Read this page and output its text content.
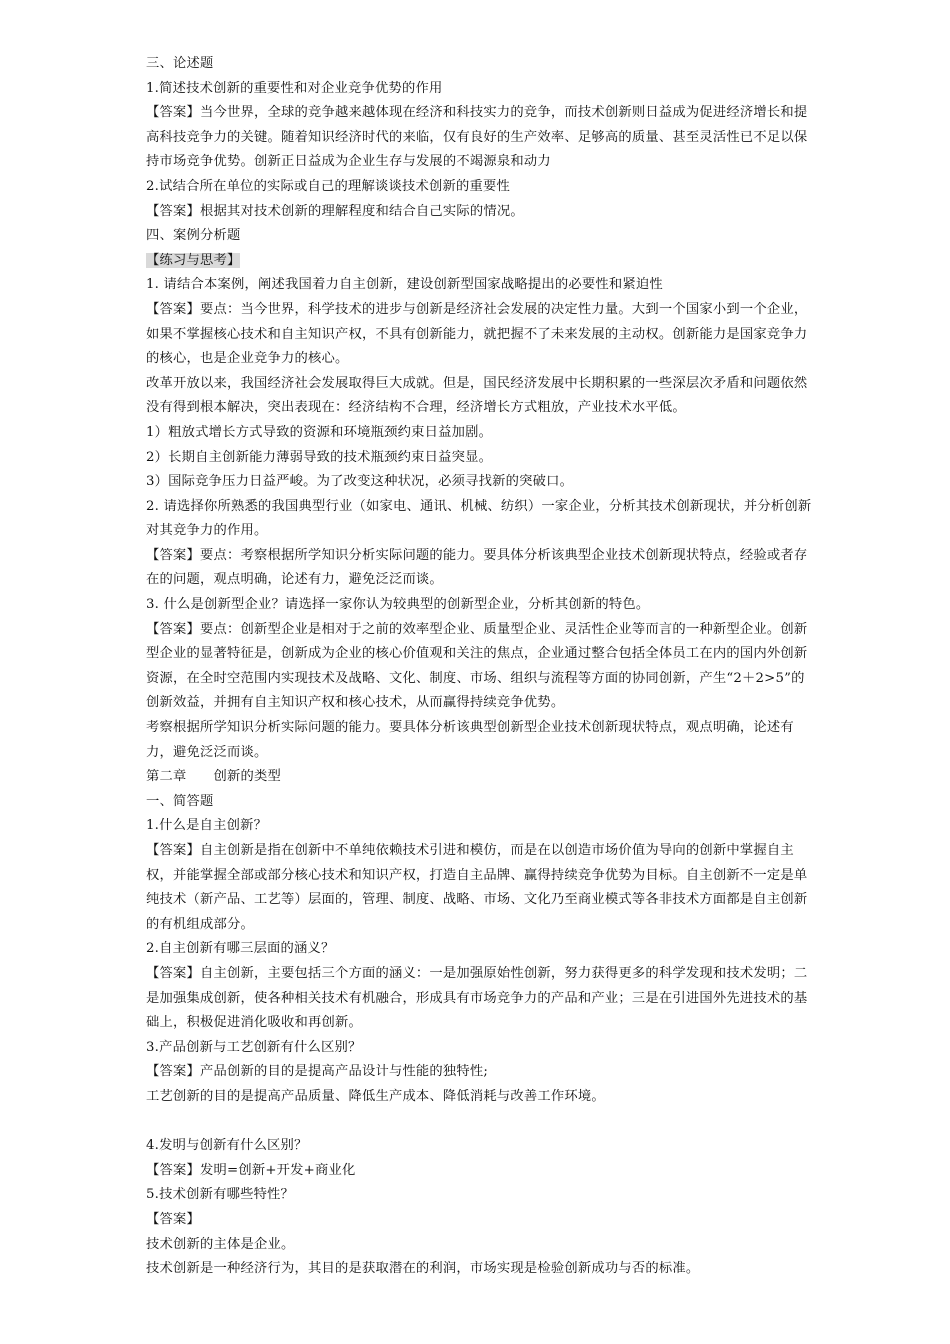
三、论述题

1.简述技术创新的重要性和对企业竞争优势的作用

【答案】当今世界，全球的竞争越来越体现在经济和科技实力的竞争，而技术创新则日益成为促进经济增长和提高科技竞争力的关键。随着知识经济时代的来临，仅有良好的生产效率、足够高的质量、甚至灵活性已不足以保持市场竞争优势。创新正日益成为企业生存与发展的不竭源泉和动力

2.试结合所在单位的实际或自己的理解谈谈技术创新的重要性

【答案】根据其对技术创新的理解程度和结合自己实际的情况。

四、案例分析题

【练习与思考】

1. 请结合本案例，阐述我国着力自主创新，建设创新型国家战略提出的必要性和紧迫性

【答案】要点：当今世界，科学技术的进步与创新是经济社会发展的决定性力量。大到一个国家小到一个企业，如果不掌握核心技术和自主知识产权，不具有创新能力，就把握不了未来发展的主动权。创新能力是国家竞争力的核心，也是企业竞争力的核心。

改革开放以来，我国经济社会发展取得巨大成就。但是，国民经济发展中长期积累的一些深层次矛盾和问题依然没有得到根本解决，突出表现在：经济结构不合理，经济增长方式粗放，产业技术水平低。

1）粗放式增长方式导致的资源和环境瓶颈约束日益加剧。

2）长期自主创新能力薄弱导致的技术瓶颈约束日益突显。

3）国际竞争压力日益严峻。为了改变这种状况，必须寻找新的突破口。

2. 请选择你所熟悉的我国典型行业（如家电、通讯、机械、纺织）一家企业，分析其技术创新现状，并分析创新对其竞争力的作用。

【答案】要点：考察根据所学知识分析实际问题的能力。要具体分析该典型企业技术创新现状特点，经验或者存在的问题，观点明确，论述有力，避免泛泛而谈。

3. 什么是创新型企业？请选择一家你认为较典型的创新型企业，分析其创新的特色。

【答案】要点：创新型企业是相对于之前的效率型企业、质量型企业、灵活性企业等而言的一种新型企业。创新型企业的显著特征是，创新成为企业的核心价值观和关注的焦点，企业通过整合包括全体员工在内的国内外创新资源，在全时空范围内实现技术及战略、文化、制度、市场、组织与流程等方面的协同创新，产生“2＋2>5”的创新效益，并拥有自主知识产权和核心技术，从而赢得持续竞争优势。

考察根据所学知识分析实际问题的能力。要具体分析该典型创新型企业技术创新现状特点，观点明确，论述有力，避免泛泛而谈。

第二章　　创新的类型

一、简答题

1.什么是自主创新？

【答案】自主创新是指在创新中不单纯依赖技术引进和模仿，而是在以创造市场价值为导向的创新中掌握自主权，并能掌握全部或部分核心技术和知识产权，打造自主品牌、赢得持续竞争优势为目标。自主创新不一定是单纯技术（新产品、工艺等）层面的，管理、制度、战略、市场、文化乃至商业模式等各非技术方面都是自主创新的有机组成部分。

2.自主创新有哪三层面的涵义？

【答案】自主创新，主要包括三个方面的涵义：一是加强原始性创新，努力获得更多的科学发现和技术发明；二是加强集成创新，使各种相关技术有机融合，形成具有市场竞争力的产品和产业；三是在引进国外先进技术的基础上，积极促进消化吸收和再创新。

3.产品创新与工艺创新有什么区别？

【答案】产品创新的目的是提高产品设计与性能的独特性;

工艺创新的目的是提高产品质量、降低生产成本、降低消耗与改善工作环境。

4.发明与创新有什么区别？

【答案】发明=创新+开发+商业化

5.技术创新有哪些特性？

【答案】

技术创新的主体是企业。

技术创新是一种经济行为，其目的是获取潜在的利润，市场实现是检验创新成功与否的标准。
